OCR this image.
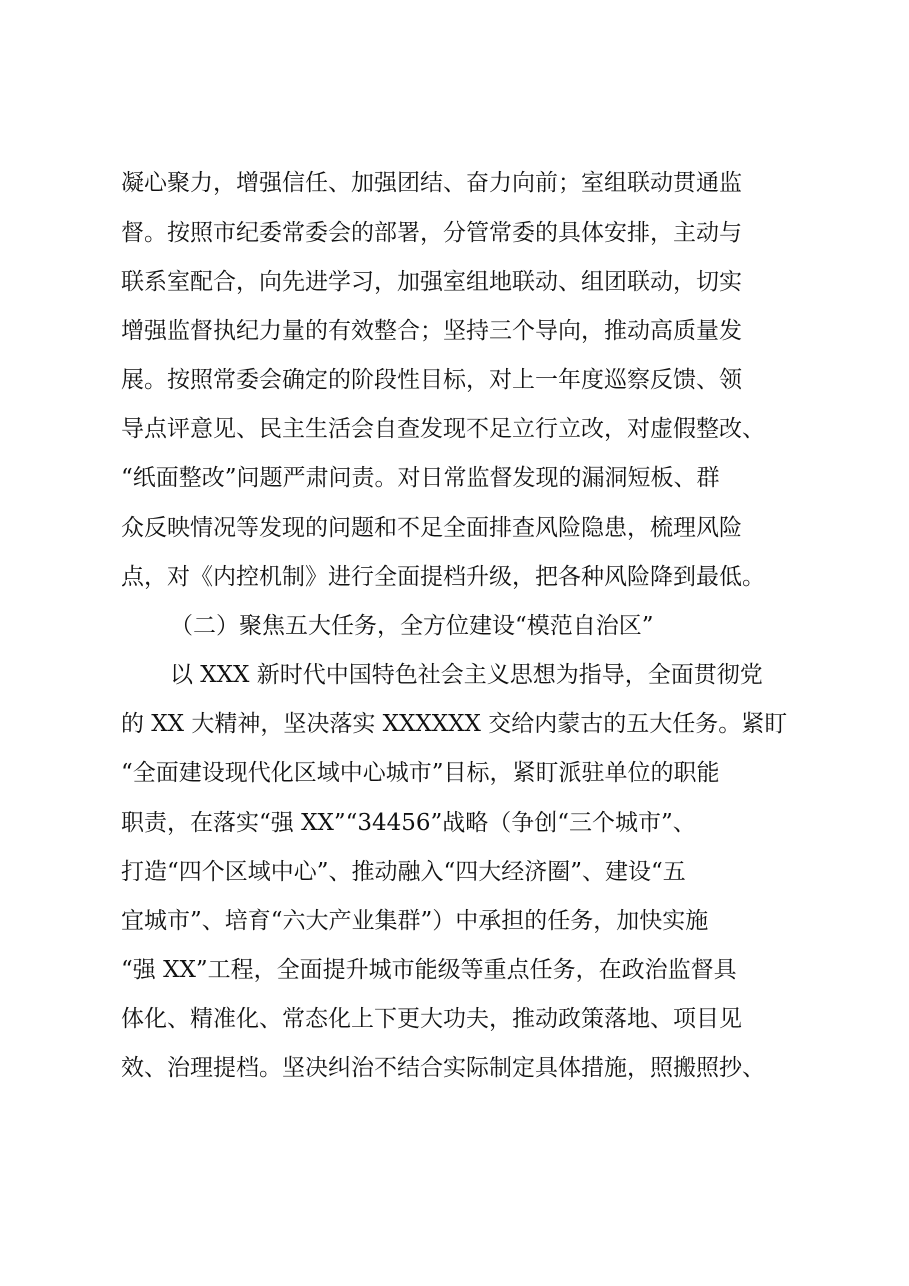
凝心聚力，增强信任、加强团结、奋力向前；室组联动贯通监
督。按照市纪委常委会的部署，分管常委的具体安排，主动与
联系室配合，向先进学习，加强室组地联动、组团联动，切实
增强监督执纪力量的有效整合；坚持三个导向，推动高质量发
展。按照常委会确定的阶段性目标，对上一年度巡察反馈、领
导点评意见、民主生活会自查发现不足立行立改，对虚假整改、
“纸面整改”问题严肃问责。对日常监督发现的漏洞短板、群
众反映情况等发现的问题和不足全面排查风险隐患，梳理风险
点，对《内控机制》进行全面提档升级，把各种风险降到最低。
（二）聚焦五大任务，全方位建设“模范自治区”
以 XXX 新时代中国特色社会主义思想为指导，全面贯彻党
的 XX 大精神，坚决落实 XXXXXX 交给内蒙古的五大任务。紧盯
“全面建设现代化区域中心城市”目标，紧盯派驻单位的职能
职责，在落实“强 XX”“34456”战略（争创“三个城市”、
打造“四个区域中心”、推动融入“四大经济圈”、建设“五
宜城市”、培育“六大产业集群”）中承担的任务，加快实施
“强 XX”工程，全面提升城市能级等重点任务，在政治监督具
体化、精准化、常态化上下更大功夫，推动政策落地、项目见
效、治理提档。坚决纠治不结合实际制定具体措施，照搬照抄、
